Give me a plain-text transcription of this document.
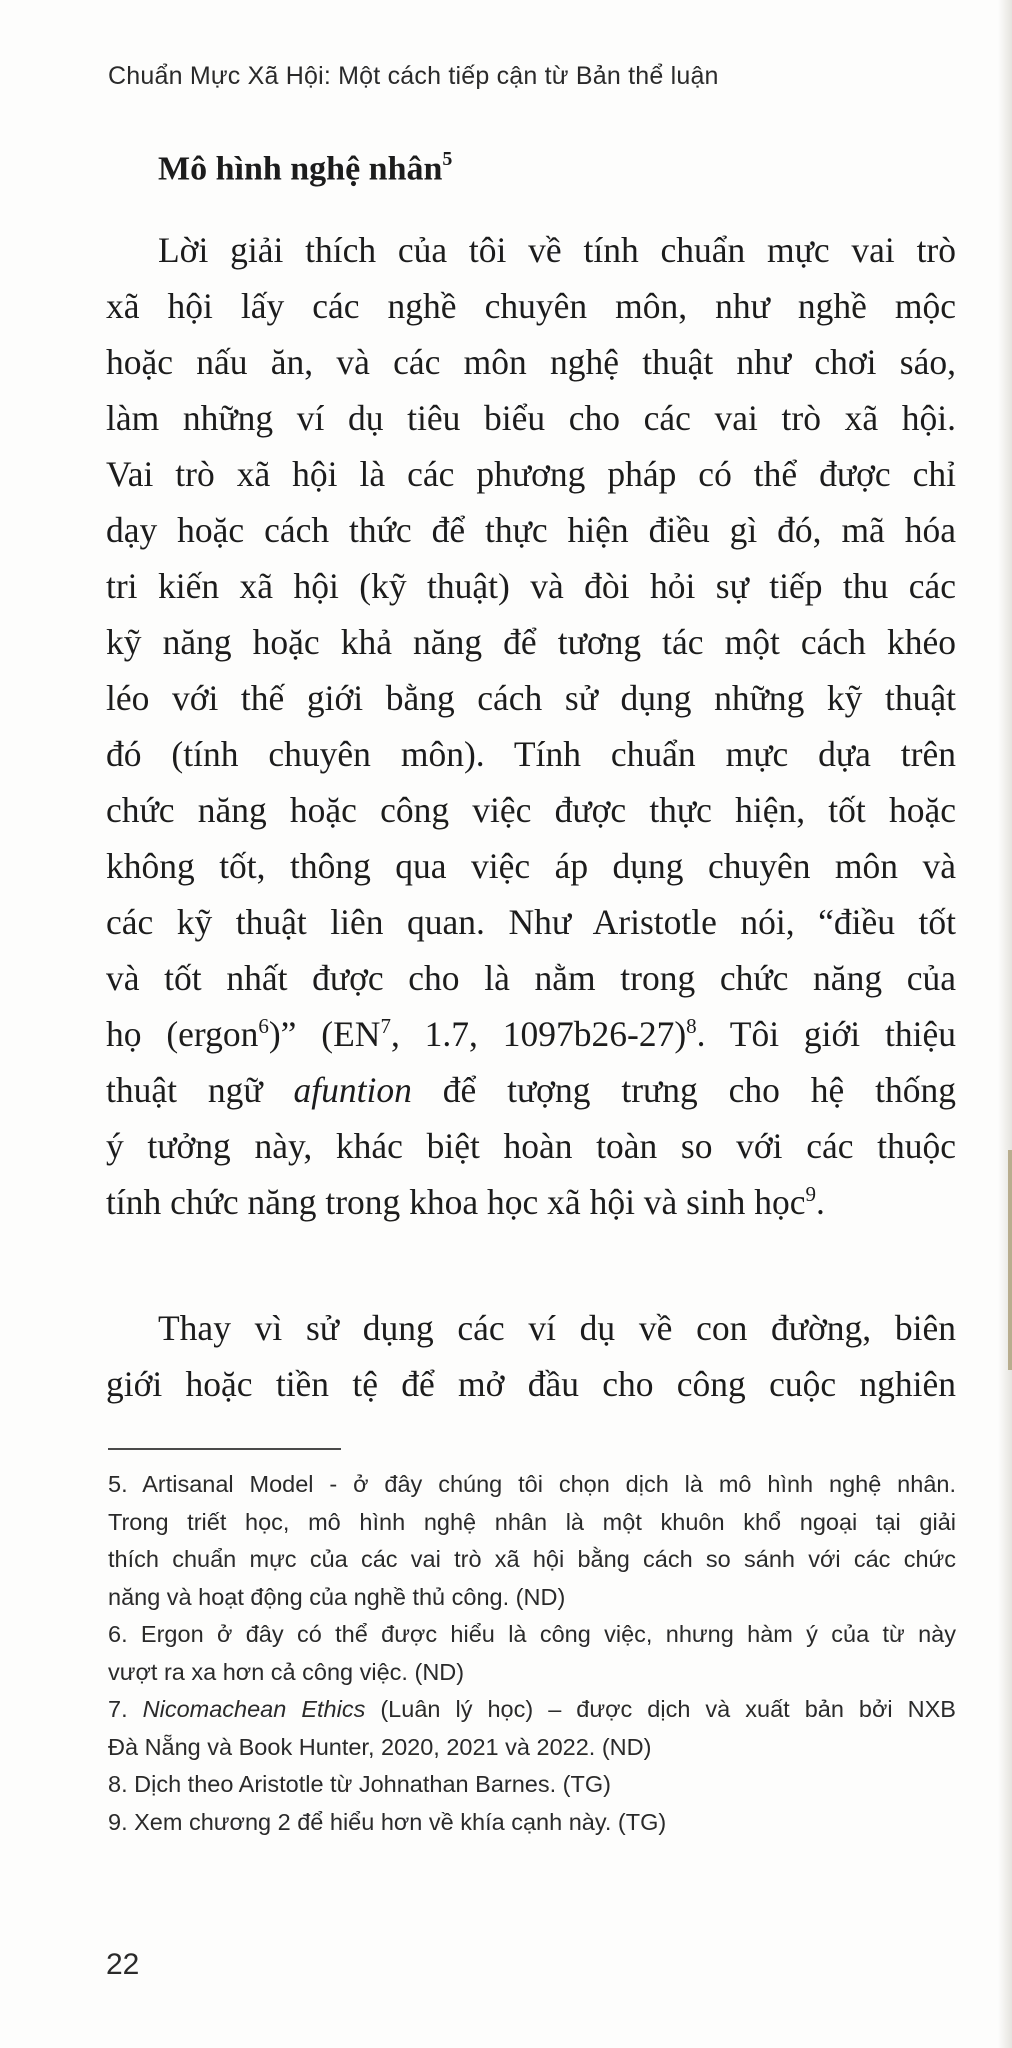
Chuẩn Mực Xã Hội: Một cách tiếp cận từ Bản thể luận
Mô hình nghệ nhân$^5$
Lời giải thích của tôi về tính chuẩn mực vai trò
xã hội lấy các nghề chuyên môn, như nghề mộc
hoặc nấu ăn, và các môn nghệ thuật như chơi sáo,
làm những ví dụ tiêu biểu cho các vai trò xã hội.
Vai trò xã hội là các phương pháp có thể được chỉ
dạy hoặc cách thức để thực hiện điều gì đó, mã hóa
tri kiến xã hội (kỹ thuật) và đòi hỏi sự tiếp thu các
kỹ năng hoặc khả năng để tương tác một cách khéo
léo với thế giới bằng cách sử dụng những kỹ thuật
đó (tính chuyên môn). Tính chuẩn mực dựa trên
chức năng hoặc công việc được thực hiện, tốt hoặc
không tốt, thông qua việc áp dụng chuyên môn và
các kỹ thuật liên quan. Như Aristotle nói, “điều tốt
và tốt nhất được cho là nằm trong chức năng của
họ (ergon$^6$)” ($EN^7$, 1.7, 1097b26-27)$^8$. Tôi giới thiệu
thuật ngữ afuntion để tượng trưng cho hệ thống
ý tưởng này, khác biệt hoàn toàn so với các thuộc
tính chức năng trong khoa học xã hội và sinh học$^9$.
Thay vì sử dụng các ví dụ về con đường, biên
giới hoặc tiền tệ để mở đầu cho công cuộc nghiên
5. Artisanal Model - ở đây chúng tôi chọn dịch là mô hình nghệ nhân.
Trong triết học, mô hình nghệ nhân là một khuôn khổ ngoại tại giải
thích chuẩn mực của các vai trò xã hội bằng cách so sánh với các chức
năng và hoạt động của nghề thủ công. (ND)
6. Ergon ở đây có thể được hiểu là công việc, nhưng hàm ý của từ này
vượt ra xa hơn cả công việc. (ND)
7. Nicomachean Ethics (Luân lý học) – được dịch và xuất bản bởi NXB
Đà Nẵng và Book Hunter, 2020, 2021 và 2022. (ND)
8. Dịch theo Aristotle từ Johnathan Barnes. (TG)
9. Xem chương 2 để hiểu hơn về khía cạnh này. (TG)
22
